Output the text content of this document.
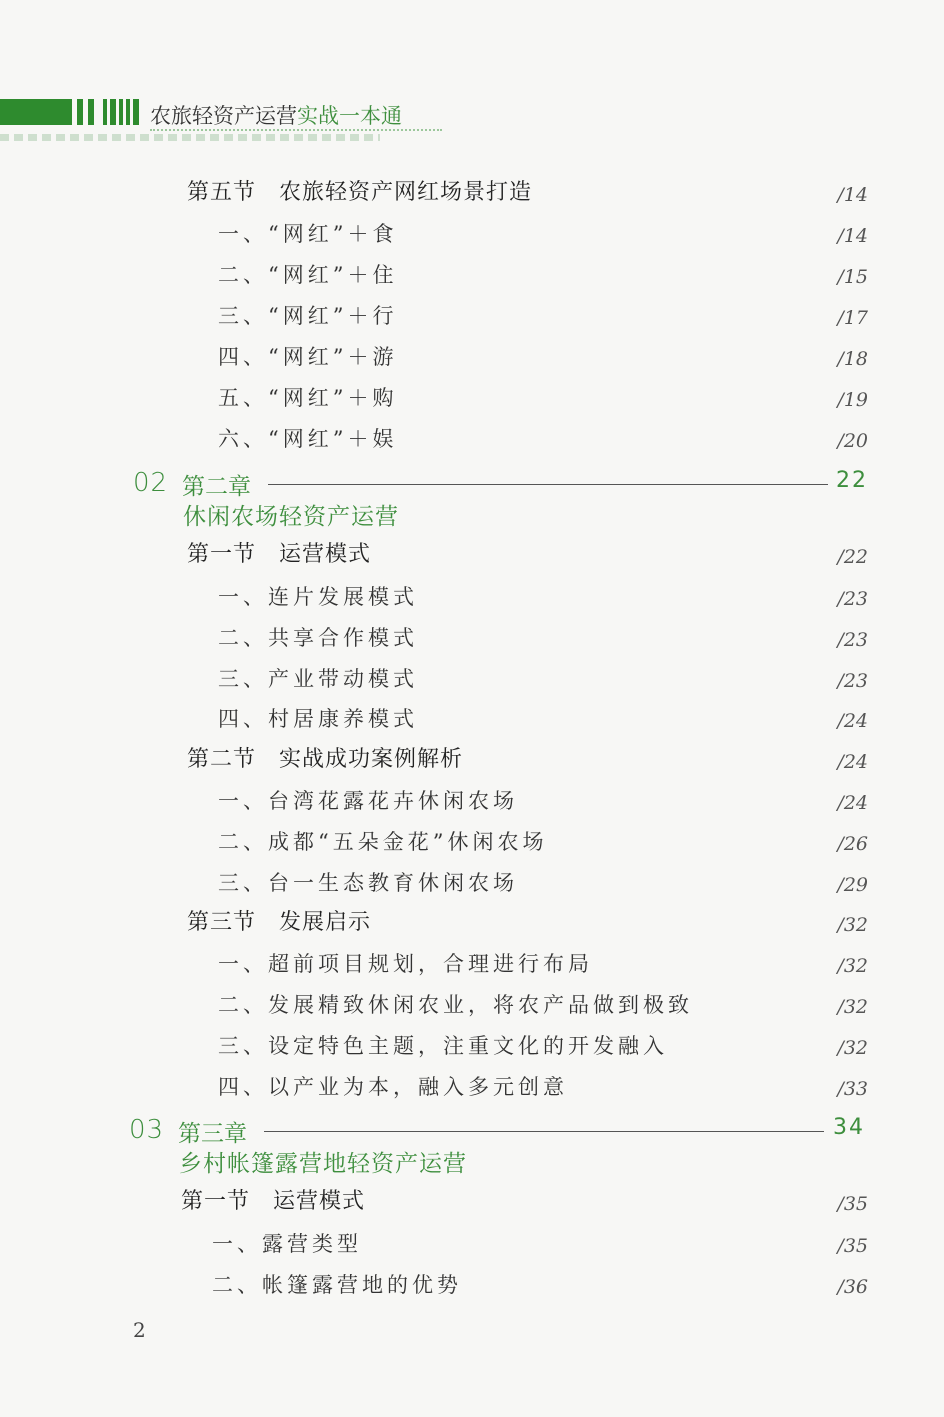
农旅轻资产运营实战一本通
第五节　农旅轻资产网红场景打造	/14
一、“网红”＋食	/14
二、“网红”＋住	/15
三、“网红”＋行	/17
四、“网红”＋游	/18
五、“网红”＋购	/19
六、“网红”＋娱	/20
02 第二章	22
休闲农场轻资产运营
第一节　运营模式	/22
一、连片发展模式	/23
二、共享合作模式	/23
三、产业带动模式	/23
四、村居康养模式	/24
第二节　实战成功案例解析	/24
一、台湾花露花卉休闲农场	/24
二、成都“五朵金花”休闲农场	/26
三、台一生态教育休闲农场	/29
第三节　发展启示	/32
一、超前项目规划，合理进行布局	/32
二、发展精致休闲农业，将农产品做到极致	/32
三、设定特色主题，注重文化的开发融入	/32
四、以产业为本，融入多元创意	/33
03 第三章	34
乡村帐篷露营地轻资产运营
第一节　运营模式	/35
一、露营类型	/35
二、帐篷露营地的优势	/36
2
